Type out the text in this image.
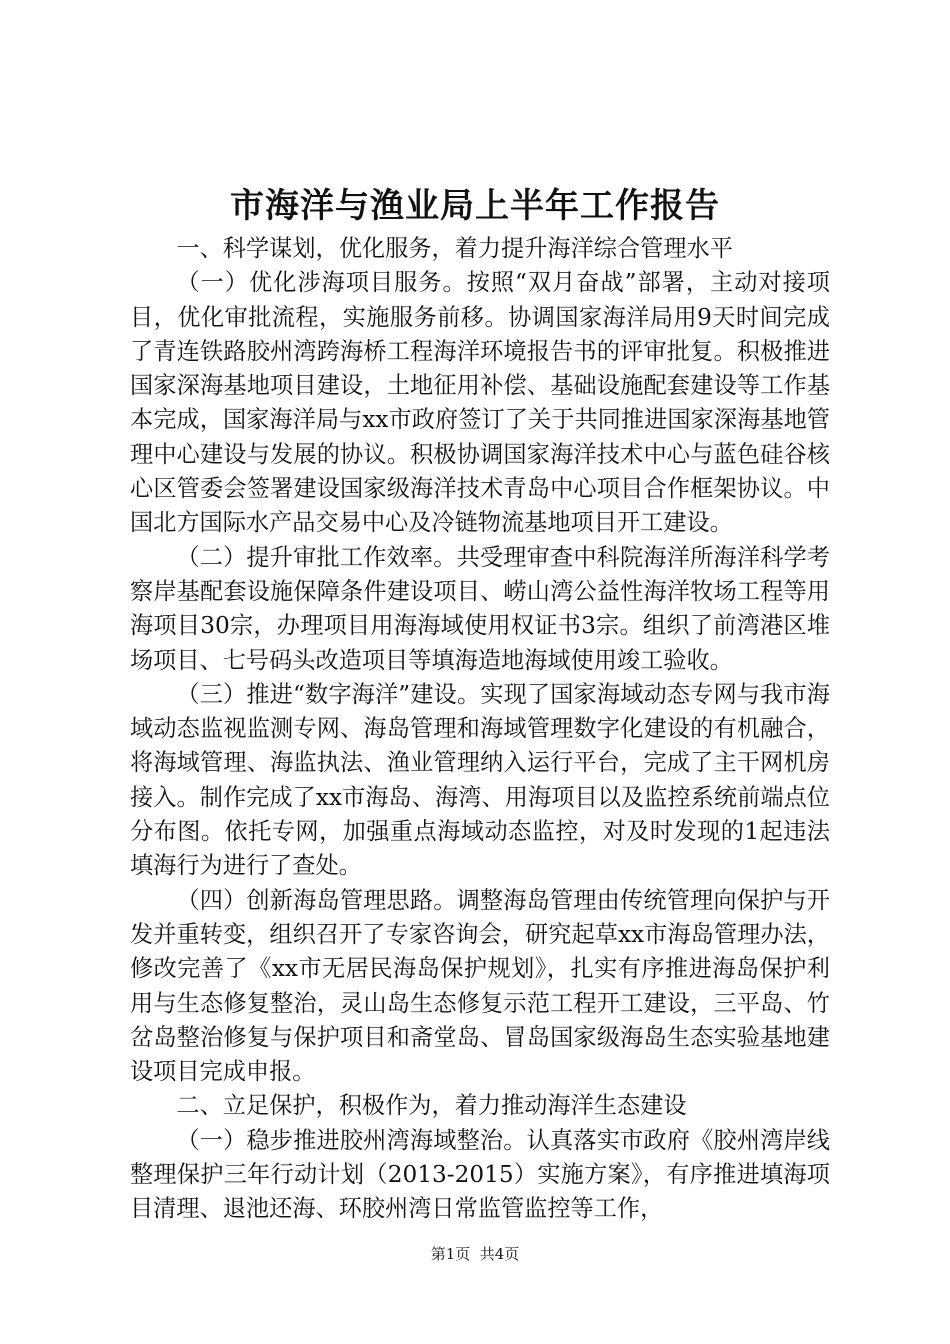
市海洋与渔业局上半年工作报告

一、科学谋划，优化服务，着力提升海洋综合管理水平

（一）优化涉海项目服务。按照“双月奋战”部署，主动对接项目，优化审批流程，实施服务前移。协调国家海洋局用9天时间完成了青连铁路胶州湾跨海桥工程海洋环境报告书的评审批复。积极推进国家深海基地项目建设，土地征用补偿、基础设施配套建设等工作基本完成，国家海洋局与xx市政府签订了关于共同推进国家深海基地管理中心建设与发展的协议。积极协调国家海洋技术中心与蓝色硅谷核心区管委会签署建设国家级海洋技术青岛中心项目合作框架协议。中国北方国际水产品交易中心及冷链物流基地项目开工建设。

（二）提升审批工作效率。共受理审查中科院海洋所海洋科学考察岸基配套设施保障条件建设项目、崂山湾公益性海洋牧场工程等用海项目30宗，办理项目用海海域使用权证书3宗。组织了前湾港区堆场项目、七号码头改造项目等填海造地海域使用竣工验收。

（三）推进“数字海洋”建设。实现了国家海域动态专网与我市海域动态监视监测专网、海岛管理和海域管理数字化建设的有机融合，将海域管理、海监执法、渔业管理纳入运行平台，完成了主干网机房接入。制作完成了xx市海岛、海湾、用海项目以及监控系统前端点位分布图。依托专网，加强重点海域动态监控，对及时发现的1起违法填海行为进行了查处。

（四）创新海岛管理思路。调整海岛管理由传统管理向保护与开发并重转变，组织召开了专家咨询会，研究起草xx市海岛管理办法，修改完善了《xx市无居民海岛保护规划》，扎实有序推进海岛保护利用与生态修复整治，灵山岛生态修复示范工程开工建设，三平岛、竹岔岛整治修复与保护项目和斋堂岛、冒岛国家级海岛生态实验基地建设项目完成申报。

二、立足保护，积极作为，着力推动海洋生态建设

（一）稳步推进胶州湾海域整治。认真落实市政府《胶州湾岸线整理保护三年行动计划（2013-2015）实施方案》，有序推进填海项目清理、退池还海、环胶州湾日常监管监控等工作，

第1页  共4页
